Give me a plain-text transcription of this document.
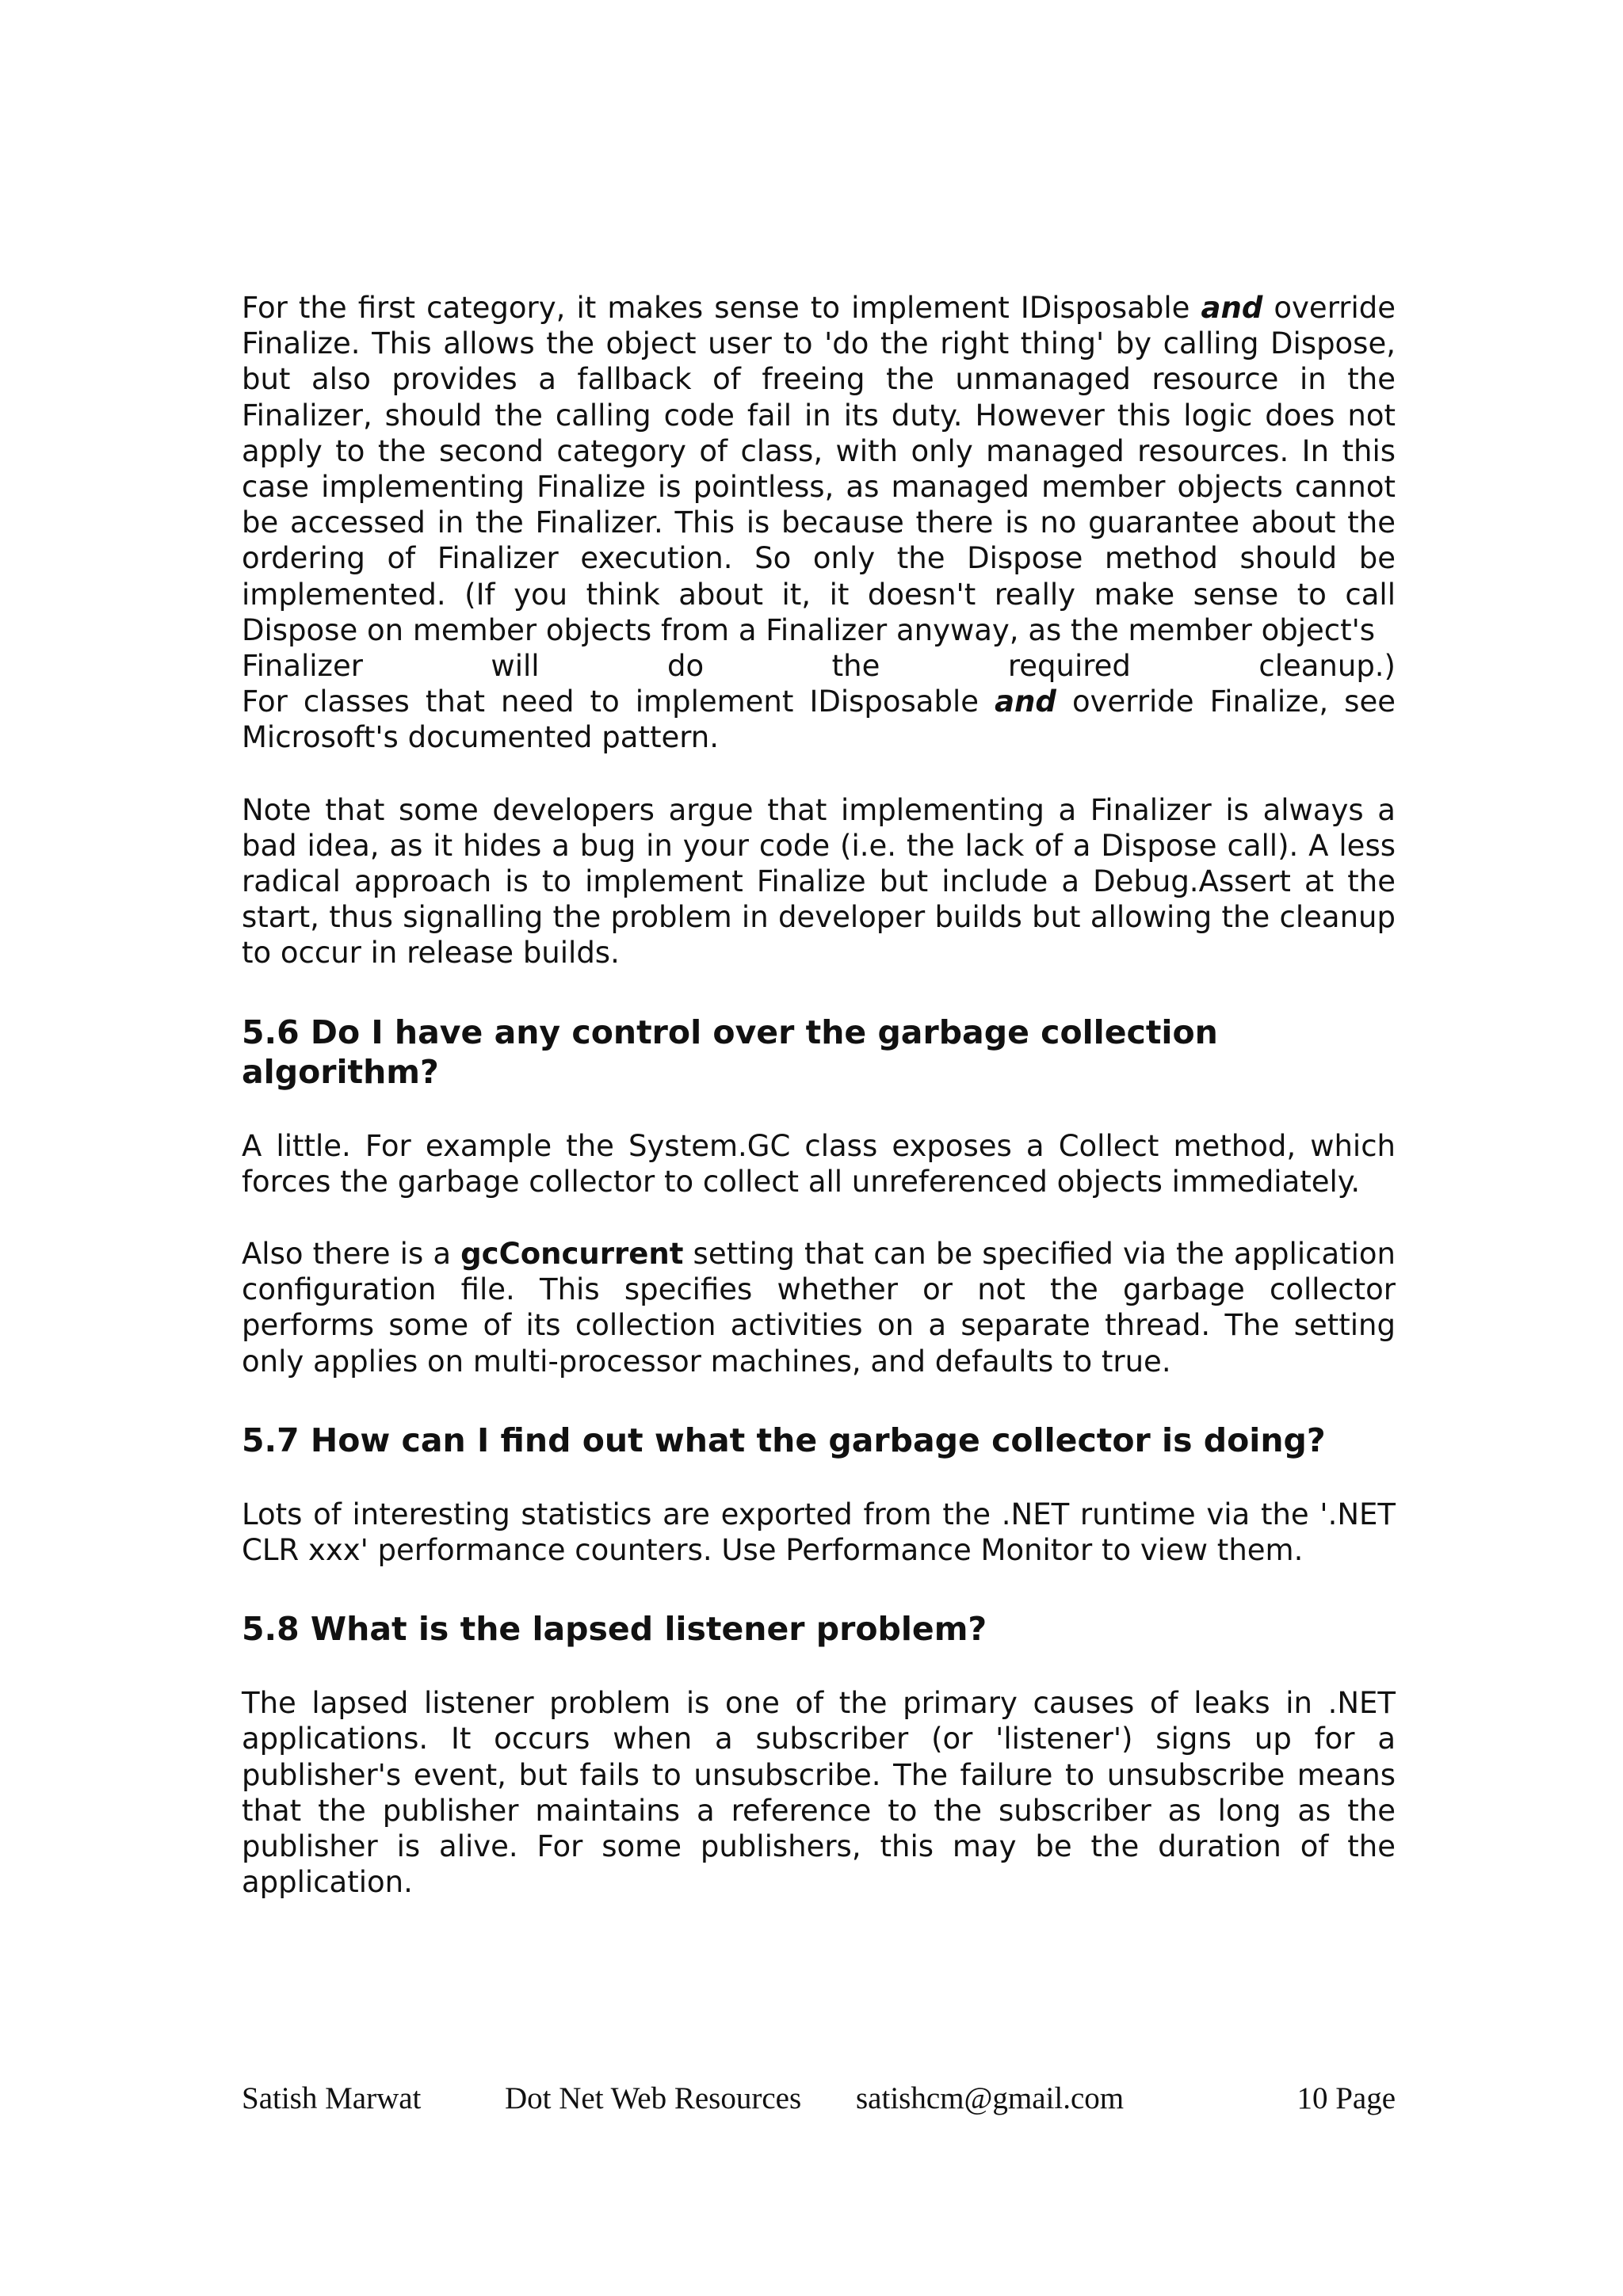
For the first category, it makes sense to implement IDisposable and override Finalize. This allows the object user to 'do the right thing' by calling Dispose, but also provides a fallback of freeing the unmanaged resource in the Finalizer, should the calling code fail in its duty. However this logic does not apply to the second category of class, with only managed resources. In this case implementing Finalize is pointless, as managed member objects cannot be accessed in the Finalizer. This is because there is no guarantee about the ordering of Finalizer execution. So only the Dispose method should be implemented. (If you think about it, it doesn't really make sense to call Dispose on member objects from a Finalizer anyway, as the member object's

Finalizer will do the required cleanup.)

For classes that need to implement IDisposable and override Finalize, see Microsoft's documented pattern.

Note that some developers argue that implementing a Finalizer is always a bad idea, as it hides a bug in your code (i.e. the lack of a Dispose call). A less radical approach is to implement Finalize but include a Debug.Assert at the start, thus signalling the problem in developer builds but allowing the cleanup to occur in release builds.

5.6 Do I have any control over the garbage collection
algorithm?

A little. For example the System.GC class exposes a Collect method, which forces the garbage collector to collect all unreferenced objects immediately.

Also there is a gcConcurrent setting that can be specified via the application configuration file. This specifies whether or not the garbage collector performs some of its collection activities on a separate thread. The setting only applies on multi-processor machines, and defaults to true.

5.7 How can I find out what the garbage collector is doing?

Lots of interesting statistics are exported from the .NET runtime via the '.NET CLR xxx' performance counters. Use Performance Monitor to view them.

5.8 What is the lapsed listener problem?

The lapsed listener problem is one of the primary causes of leaks in .NET applications. It occurs when a subscriber (or 'listener') signs up for a publisher's event, but fails to unsubscribe. The failure to unsubscribe means that the publisher maintains a reference to the subscriber as long as the publisher is alive. For some publishers, this may be the duration of the application.

Satish Marwat	Dot Net Web Resources satishcm@gmail.com	10 Page
